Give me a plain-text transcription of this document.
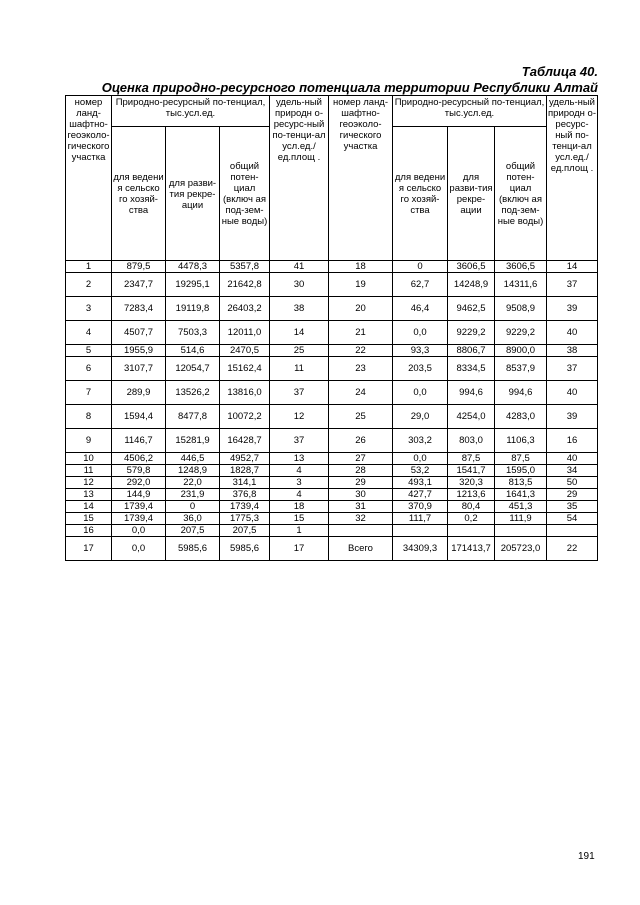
Таблица 40.
Оценка природно-ресурсного потенциала территории Республики Алтай
номер ланд-шафтно-геоэколо-гического участка	Природно-ресурсный по-тенциал, тыс.усл.ед.			удель-ный природн о-ресурс-ный по-тенци-ал усл.ед./ ед.площ .	номер ланд-шафтно-геоэколо-гического участка	Природно-ресурсный по-тенциал, тыс.усл.ед.			удель-ный природн о-ресурс-ный по-тенци-ал усл.ед./ ед.площ .
	для ведени я сельско го хозяй-ства	для разви-тия рекре-ации	общий потен-циал (включ ая под-зем-ные воды)			для ведени я сельско го хозяй-ства	для разви-тия рекре-ации	общий потен-циал (включ ая под-зем-ные воды)	
1	879,5	4478,3	5357,8	41	18	0	3606,5	3606,5	14
2	2347,7	19295,1	21642,8	30	19	62,7	14248,9	14311,6	37
3	7283,4	19119,8	26403,2	38	20	46,4	9462,5	9508,9	39
4	4507,7	7503,3	12011,0	14	21	0,0	9229,2	9229,2	40
5	1955,9	514,6	2470,5	25	22	93,3	8806,7	8900,0	38
6	3107,7	12054,7	15162,4	11	23	203,5	8334,5	8537,9	37
7	289,9	13526,2	13816,0	37	24	0,0	994,6	994,6	40
8	1594,4	8477,8	10072,2	12	25	29,0	4254,0	4283,0	39
9	1146,7	15281,9	16428,7	37	26	303,2	803,0	1106,3	16
10	4506,2	446,5	4952,7	13	27	0,0	87,5	87,5	40
11	579,8	1248,9	1828,7	4	28	53,2	1541,7	1595,0	34
12	292,0	22,0	314,1	3	29	493,1	320,3	813,5	50
13	144,9	231,9	376,8	4	30	427,7	1213,6	1641,3	29
14	1739,4	0	1739,4	18	31	370,9	80,4	451,3	35
15	1739,4	36,0	1775,3	15	32	111,7	0,2	111,9	54
16	0,0	207,5	207,5	1					
17	0,0	5985,6	5985,6	17	Всего	34309,3	171413,7	205723,0	22
191
